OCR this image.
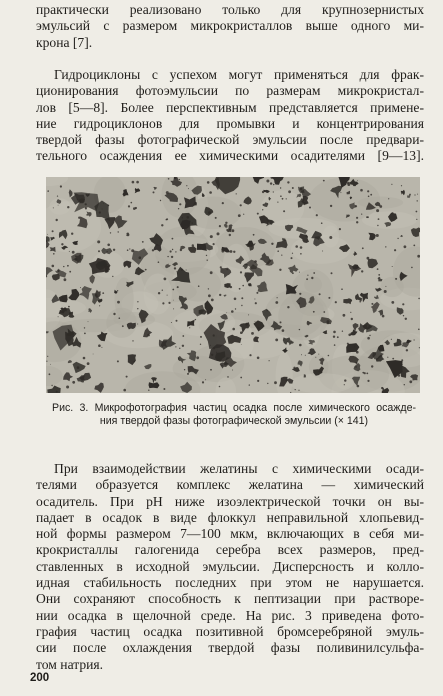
практически реализовано только для крупнозернистых
эмульсий с размером микрокристаллов выше одного ми-
крона [7].

Гидроциклоны с успехом могут применяться для фрак-
ционирования фотоэмульсии по размерам микрокристал-
лов [5—8]. Более перспективным представляется примене-
ние гидроциклонов для промывки и концентрирования
твердой фазы фотографической эмульсии после предвари-
тельного осаждения ее химическими осадителями [9—13].

Рис. 3. Микрофотография частиц осадка после химического осажде-
ния твердой фазы фотографической эмульсии (× 141)

При взаимодействии желатины с химическими осади-
телями образуется комплекс желатина — химический
осадитель. При pH ниже изоэлектрической точки он вы-
падает в осадок в виде флоккул неправильной хлопьевид-
ной формы размером 7—100 мкм, включающих в себя ми-
крокристаллы галогенида серебра всех размеров, пред-
ставленных в исходной эмульсии. Дисперсность и колло-
идная стабильность последних при этом не нарушается.
Они сохраняют способность к пептизации при растворе-
нии осадка в щелочной среде. На рис. 3 приведена фото-
графия частиц осадка позитивной бромсеребряной эмуль-
сии после охлаждения твердой фазы поливинилсульфа-
том натрия.

200
